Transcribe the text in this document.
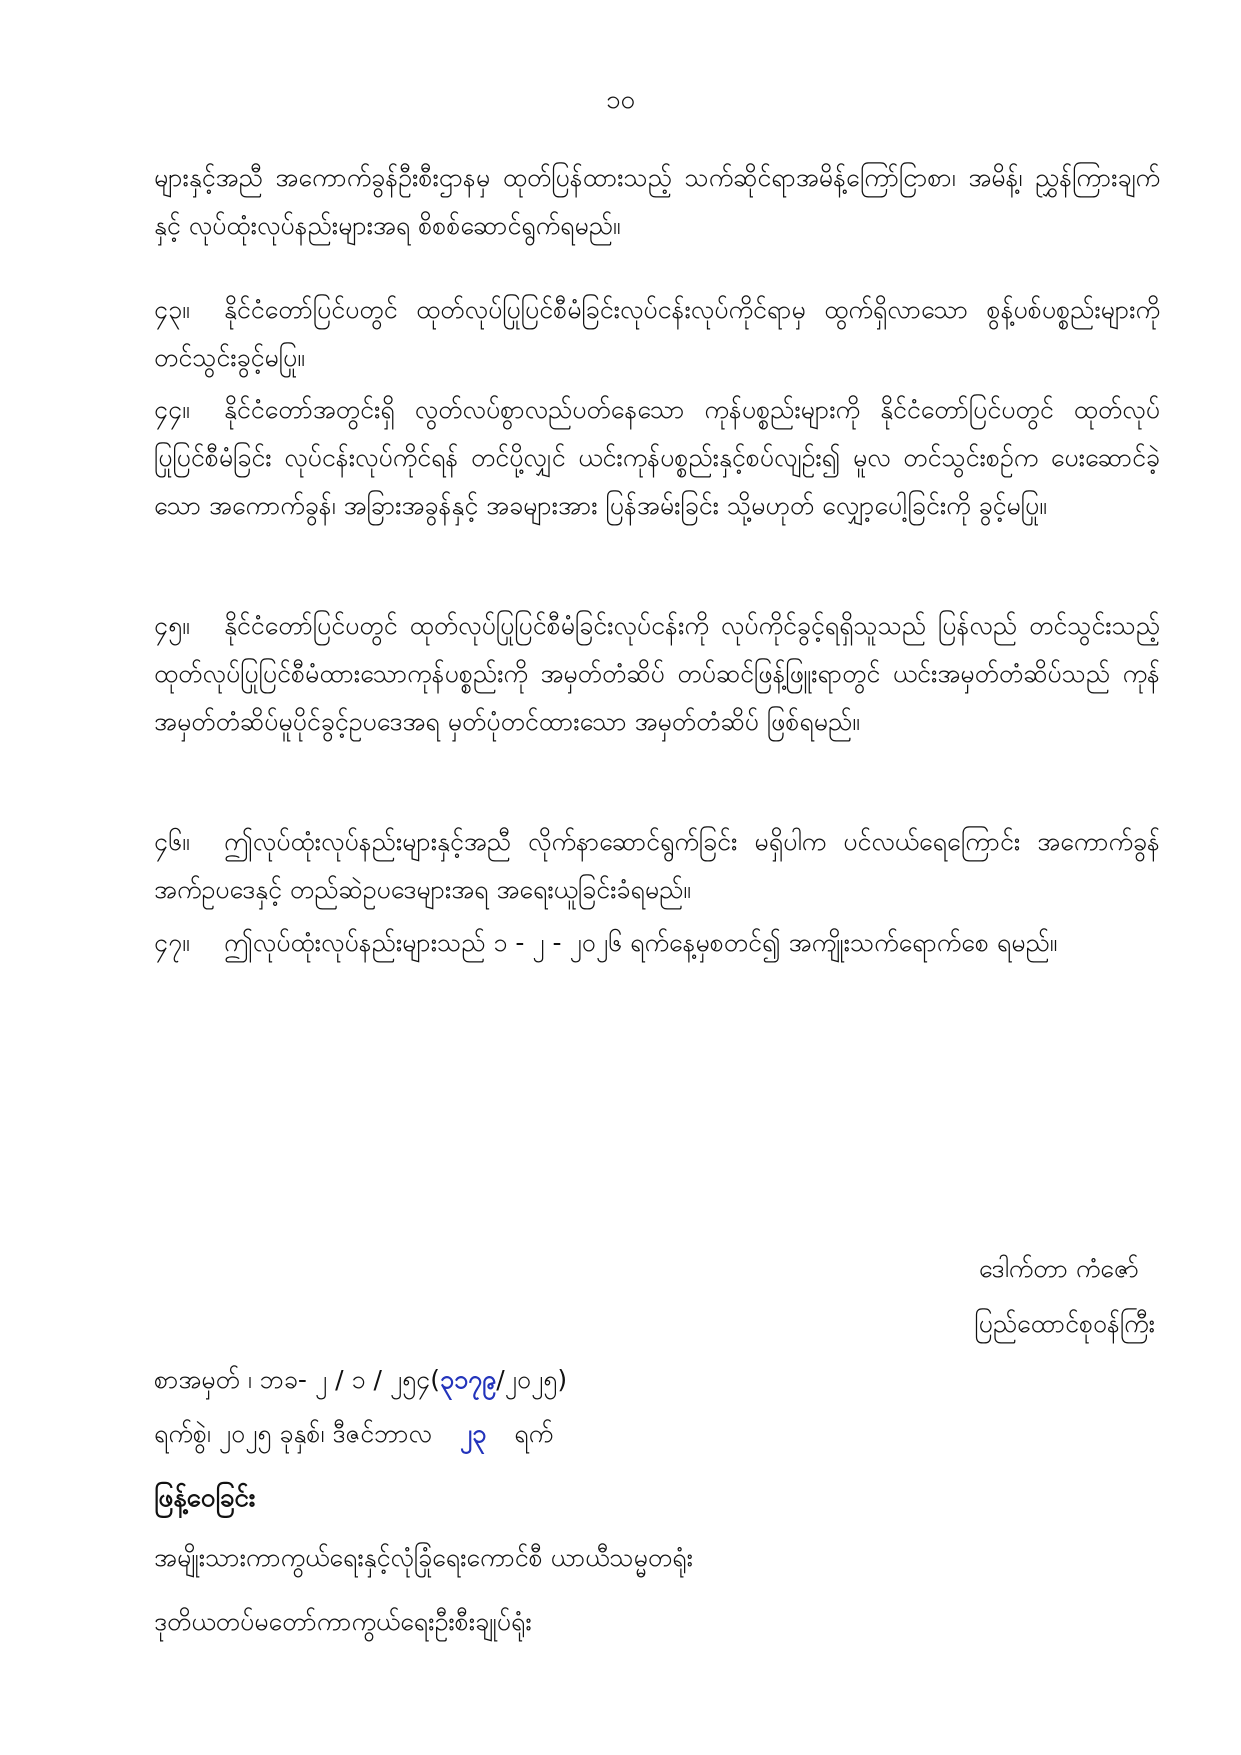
၁၀
များနှင့်အညီ အကောက်ခွန်ဦးစီးဌာနမှ ထုတ်ပြန်ထားသည့် သက်ဆိုင်ရာအမိန့်ကြော်ငြာစာ၊ အမိန့်၊ ညွှန်ကြားချက်နှင့် လုပ်ထုံးလုပ်နည်းများအရ စိစစ်ဆောင်ရွက်ရမည်။
၄၃။ နိုင်ငံတော်ပြင်ပတွင် ထုတ်လုပ်ပြုပြင်စီမံခြင်းလုပ်ငန်းလုပ်ကိုင်ရာမှ ထွက်ရှိလာသော စွန့်ပစ်ပစ္စည်းများကို တင်သွင်းခွင့်မပြု။
၄၄။ နိုင်ငံတော်အတွင်းရှိ လွတ်လပ်စွာလည်ပတ်နေသော ကုန်ပစ္စည်းများကို နိုင်ငံတော်ပြင်ပတွင် ထုတ်လုပ်ပြုပြင်စီမံခြင်း လုပ်ငန်းလုပ်ကိုင်ရန် တင်ပို့လျှင် ယင်းကုန်ပစ္စည်းနှင့်စပ်လျဉ်း၍ မူလ တင်သွင်းစဉ်က ပေးဆောင်ခဲ့သော အကောက်ခွန်၊ အခြားအခွန်နှင့် အခများအား ပြန်အမ်းခြင်း သို့မဟုတ် လျှော့ပေါ့ခြင်းကို ခွင့်မပြု။
၄၅။ နိုင်ငံတော်ပြင်ပတွင် ထုတ်လုပ်ပြုပြင်စီမံခြင်းလုပ်ငန်းကို လုပ်ကိုင်ခွင့်ရရှိသူသည် ပြန်လည် တင်သွင်းသည့် ထုတ်လုပ်ပြုပြင်စီမံထားသောကုန်ပစ္စည်းကို အမှတ်တံဆိပ် တပ်ဆင်ဖြန့်ဖြူးရာတွင် ယင်းအမှတ်တံဆိပ်သည် ကုန်အမှတ်တံဆိပ်မူပိုင်ခွင့်ဥပဒေအရ မှတ်ပုံတင်ထားသော အမှတ်တံဆိပ် ဖြစ်ရမည်။
၄၆။ ဤလုပ်ထုံးလုပ်နည်းများနှင့်အညီ လိုက်နာဆောင်ရွက်ခြင်း မရှိပါက ပင်လယ်ရေကြောင်း အကောက်ခွန်အက်ဥပဒေနှင့် တည်ဆဲဥပဒေများအရ အရေးယူခြင်းခံရမည်။
၄၇။ ဤလုပ်ထုံးလုပ်နည်းများသည် ၁ - ၂ - ၂၀၂၆ ရက်နေ့မှစတင်၍ အကျိုးသက်ရောက်စေ ရမည်။
ဒေါက်တာ ကံဇော်
ပြည်ထောင်စုဝန်ကြီး
စာအမှတ် ၊ ဘခ- ၂ / ၁ / ၂၅၄(၃၁၇၉/၂၀၂၅)
ရက်စွဲ၊ ၂၀၂၅ ခုနှစ်၊ ဒီဇင်ဘာလ ၂၃ ရက်
ဖြန့်ဝေခြင်း
အမျိုးသားကာကွယ်ရေးနှင့်လုံခြုံရေးကောင်စီ ယာယီသမ္မတရုံး
ဒုတိယတပ်မတော်ကာကွယ်ရေးဦးစီးချုပ်ရုံး
